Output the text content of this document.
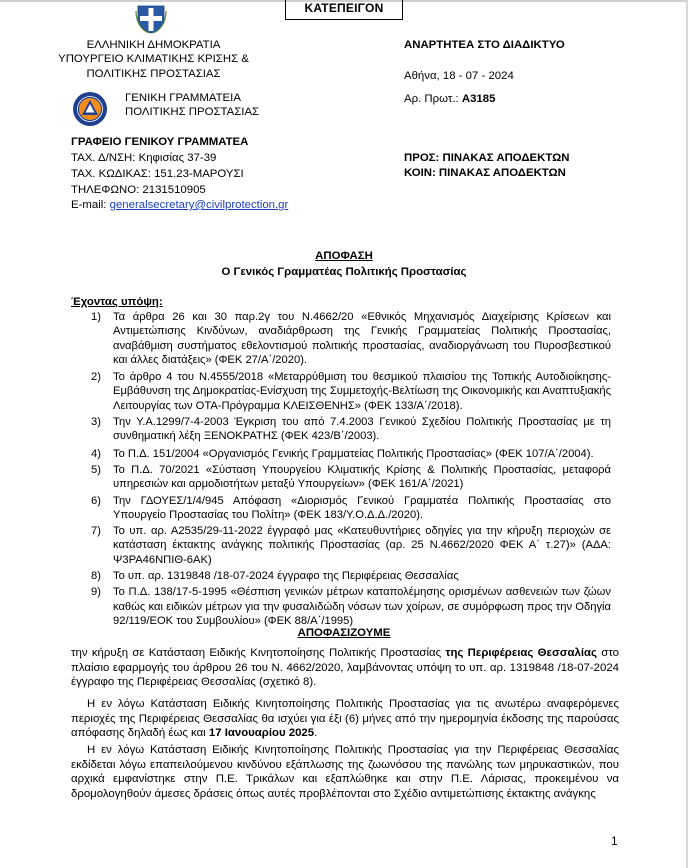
ΚΑΤΕΠΕΙΓΟΝ
ΕΛΛΗΝΙΚΗ ΔΗΜΟΚΡΑΤΙΑ
ΥΠΟΥΡΓΕΙΟ ΚΛΙΜΑΤΙΚΗΣ ΚΡΙΣΗΣ &
ΠΟΛΙΤΙΚΗΣ ΠΡΟΣΤΑΣΙΑΣ
ΓΕΝΙΚΗ ΓΡΑΜΜΑΤΕΙΑ
ΠΟΛΙΤΙΚΗΣ ΠΡΟΣΤΑΣΙΑΣ
ΓΡΑΦΕΙΟ ΓΕΝΙΚΟΥ ΓΡΑΜΜΑΤΕΑ
ΤΑΧ. Δ/ΝΣΗ: Κηφισίας 37-39
ΤΑΧ. ΚΩΔΙΚΑΣ: 151.23-ΜΑΡΟΥΣΙ
ΤΗΛΕΦΩΝΟ: 2131510905
E-mail: generalsecretary@civilprotection.gr
ΑΝΑΡΤΗΤΕΑ ΣΤΟ ΔΙΑΔΙΚΤΥΟ
Αθήνα, 18 - 07 - 2024
Αρ. Πρωτ.: Α3185
ΠΡΟΣ: ΠΙΝΑΚΑΣ ΑΠΟΔΕΚΤΩΝ
ΚΟΙΝ: ΠΙΝΑΚΑΣ ΑΠΟΔΕΚΤΩΝ
ΑΠΟΦΑΣΗ
Ο Γενικός Γραμματέας Πολιτικής Προστασίας
Έχοντας υπόψη:
1) Τα άρθρα 26 και 30 παρ.2γ του Ν.4662/20 «Εθνικός Μηχανισμός Διαχείρισης Κρίσεων και Αντιμετώπισης Κινδύνων, αναδιάρθρωση της Γενικής Γραμματείας Πολιτικής Προστασίας, αναβάθμιση συστήματος εθελοντισμού πολιτικής προστασίας, αναδιοργάνωση του Πυροσβεστικού και άλλες διατάξεις» (ΦΕΚ 27/Α΄/2020).
2) Το άρθρο 4 του Ν.4555/2018 «Μεταρρύθμιση του θεσμικού πλαισίου της Τοπικής Αυτοδιοίκησης-Εμβάθυνση της Δημοκρατίας-Ενίσχυση της Συμμετοχής-Βελτίωση της Οικονομικής και Αναπτυξιακής Λειτουργίας των ΟΤΑ-Πρόγραμμα ΚΛΕΙΣΘΕΝΗΣ» (ΦΕΚ 133/Α΄/2018).
3) Την Υ.Α.1299/7-4-2003 Έγκριση του από 7.4.2003 Γενικού Σχεδίου Πολιτικής Προστασίας με τη συνθηματική λέξη ΞΕΝΟΚΡΑΤΗΣ (ΦΕΚ 423/Β΄/2003).
4) Το Π.Δ. 151/2004 «Οργανισμός Γενικής Γραμματείας Πολιτικής Προστασίας» (ΦΕΚ 107/Α΄/2004).
5) Το Π.Δ. 70/2021 «Σύσταση Υπουργείου Κλιματικής Κρίσης & Πολιτικής Προστασίας, μεταφορά υπηρεσιών και αρμοδιοτήτων μεταξύ Υπουργείων» (ΦΕΚ 161/Α΄/2021)
6) Την ΓΔΟΥΕΣ/1/4/945 Απόφαση «Διορισμός Γενικού Γραμματέα Πολιτικής Προστασίας στο Υπουργείο Προστασίας του Πολίτη» (ΦΕΚ 183/Υ.Ο.Δ.Δ./2020).
7) Το υπ. αρ. Α2535/29-11-2022 έγγραφό μας «Κατευθυντήριες οδηγίες για την κήρυξη περιοχών σε κατάσταση έκτακτης ανάγκης πολιτικής Προστασίας (αρ. 25 Ν.4662/2020 ΦΕΚ Α΄ τ.27)» (ΑΔΑ: Ψ3ΡΑ46ΝΠΙΘ-6ΑΚ)
8) Το υπ. αρ. 1319848 /18-07-2024 έγγραφο της Περιφέρειας Θεσσαλίας
9) Το Π.Δ. 138/17-5-1995 «Θέσπιση γενικών μέτρων καταπολέμησης ορισμένων ασθενειών των ζώων καθώς και ειδικών μέτρων για την φυσαλιδώδη νόσων των χοίρων, σε συμόρφωση προς την Οδηγία 92/119/ΕΟΚ του Συμβουλίου» (ΦΕΚ 88/Α΄/1995)
ΑΠΟΦΑΣΙΖΟΥΜΕ

την κήρυξη σε Κατάσταση Ειδικής Κινητοποίησης Πολιτικής Προστασίας της Περιφέρειας Θεσσαλίας στο πλαίσιο εφαρμογής του άρθρου 26 του Ν. 4662/2020, λαμβάνοντας υπόψη το υπ. αρ. 1319848 /18-07-2024 έγγραφο της Περιφέρειας Θεσσαλίας (σχετικό 8).

Η εν λόγω Κατάσταση Ειδικής Κινητοποίησης Πολιτικής Προστασίας για τις ανωτέρω αναφερόμενες περιοχές της Περιφέρειας Θεσσαλίας θα ισχύει για έξι (6) μήνες από την ημερομηνία έκδοσης της παρούσας απόφασης δηλαδή έως και 17 Ιανουαρίου 2025.

Η εν λόγω Κατάσταση Ειδικής Κινητοποίησης Πολιτικής Προστασίας για την Περιφέρειας Θεσσαλίας εκδίδεται λόγω επαπειλούμενου κινδύνου εξάπλωσης της ζωωνόσου της πανώλης των μηρυκαστικών, που αρχικά εμφανίστηκε στην Π.Ε. Τρικάλων και εξαπλώθηκε και στην Π.Ε. Λάρισας, προκειμένου να δρομολογηθούν άμεσες δράσεις όπως αυτές προβλέπονται στο Σχέδιο αντιμετώπισης έκτακτης ανάγκης

1
